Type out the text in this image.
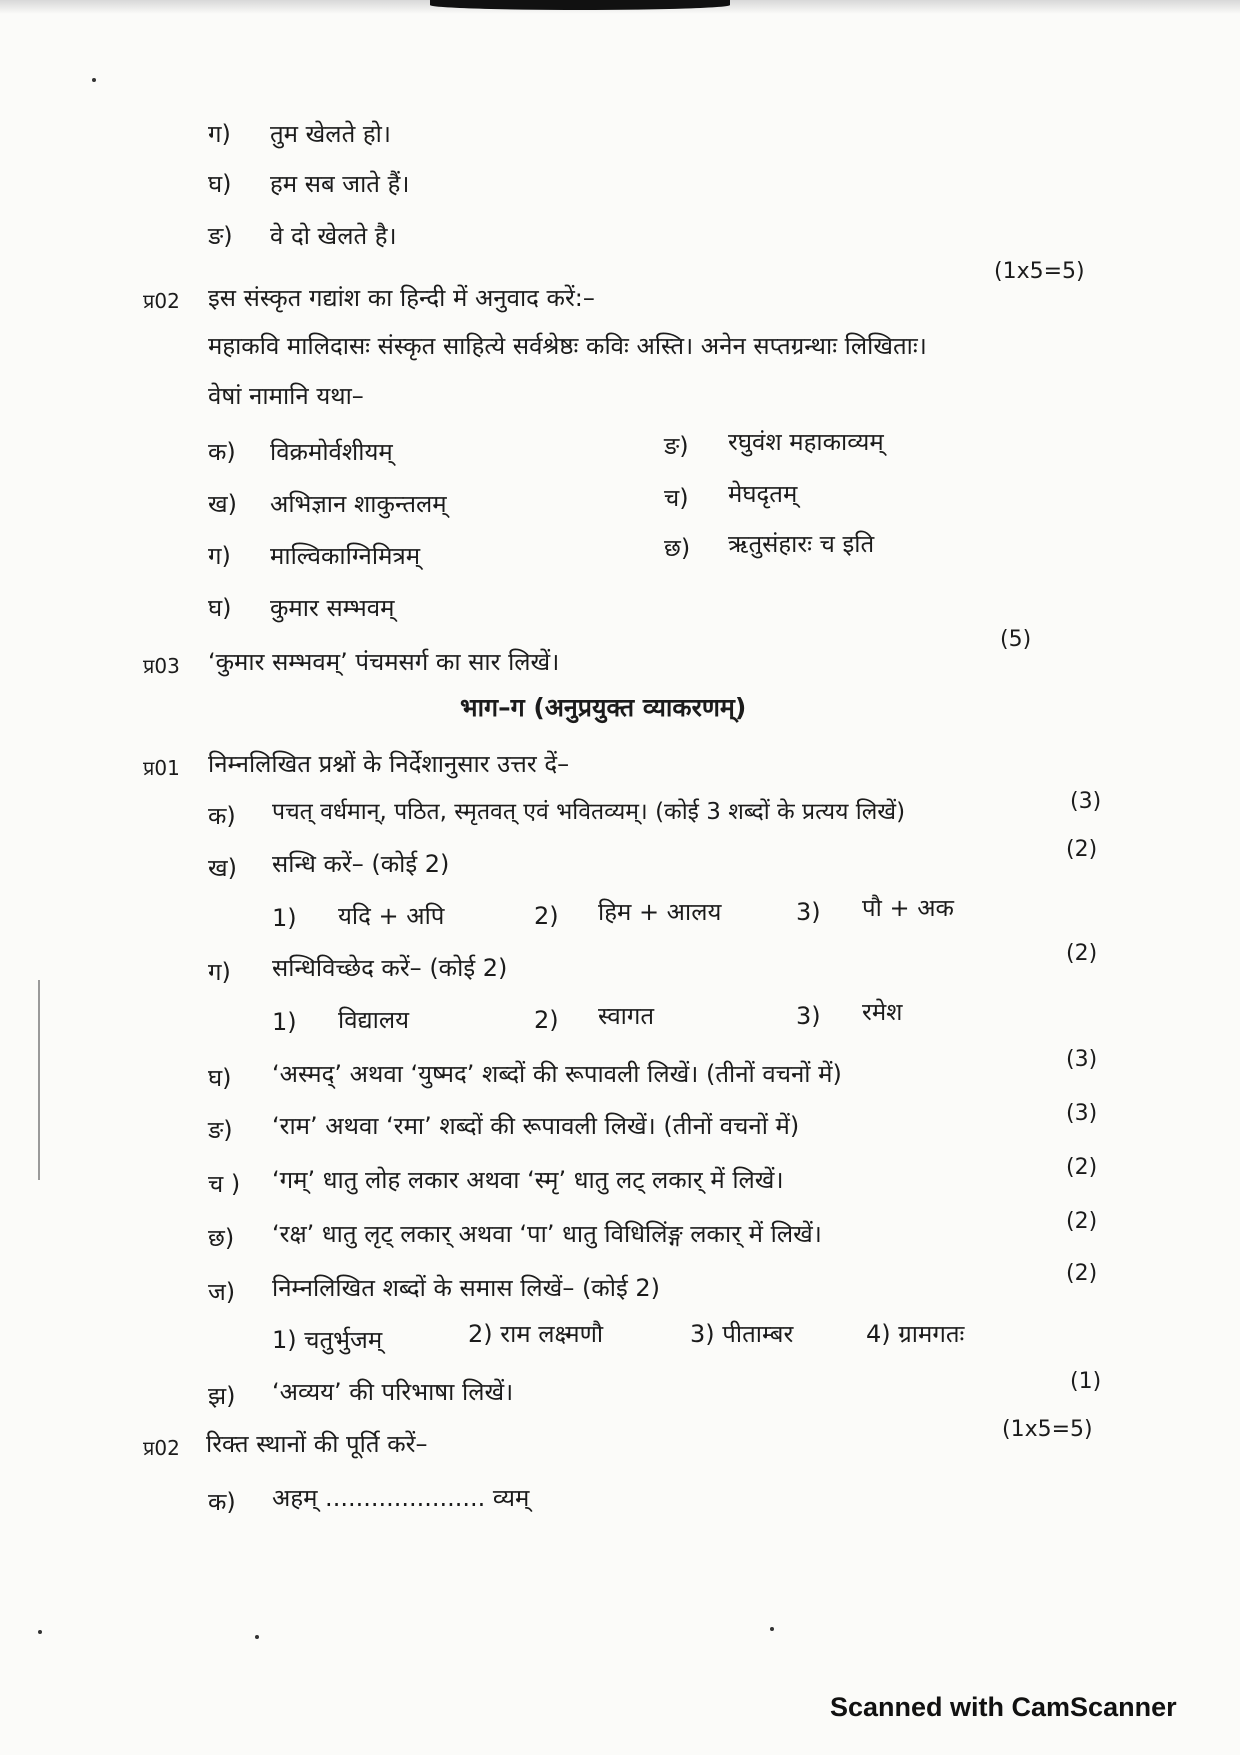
ग) तुम खेलते हो।
घ) हम सब जाते हैं।
ङ) वे दो खेलते है।
(1x5=5)
प्र02 इस संस्कृत गद्यांश का हिन्दी में अनुवाद करें:–
महाकवि मालिदासः संस्कृत साहित्ये सर्वश्रेष्ठः कविः अस्ति। अनेन सप्तग्रन्थाः लिखिताः।
वेषां नामानि यथा–
क) विक्रमोर्वशीयम्
ख) अभिज्ञान शाकुन्तलम्
ग) माल्विकाग्निमित्रम्
घ) कुमार सम्भवम्
ङ) रघुवंश महाकाव्यम्
च) मेघदृतम्
छ) ऋतुसंहारः च इति
(5)
प्र03 ‘कुमार सम्भवम्’ पंचमसर्ग का सार लिखें।
भाग–ग (अनुप्रयुक्त व्याकरणम्)
प्र01 निम्नलिखित प्रश्नों के निर्देशानुसार उत्तर दें–
क) पचत् वर्धमान्, पठित, स्मृतवत् एवं भवितव्यम्। (कोई 3 शब्दों के प्रत्यय लिखें)	(3)
ख) सन्धि करें– (कोई 2)
(2)
1) यदि + अपि	2) हिम + आलय	3) पौ + अक
ग) सन्धिविच्छेद करें– (कोई 2)
(2)
1) विद्यालय	2) स्वागत	3) रमेश
घ) ‘अस्मद्’ अथवा ‘युष्मद’ शब्दों की रूपावली लिखें। (तीनों वचनों में)
(3)
ङ) ‘राम’ अथवा ‘रमा’ शब्दों की रूपावली लिखें। (तीनों वचनों में)	(3)
च ) ‘गम्’ धातु लोह लकार अथवा ‘स्मृ’ धातु लट् लकार् में लिखें।	(2)
छ) ‘रक्ष’ धातु लृट् लकार् अथवा ‘पा’ धातु विधिलिंङ्ग लकार् में लिखें।	(2)
ज) निम्नलिखित शब्दों के समास लिखें– (कोई 2)
(2)
1) चतुर्भुजम्	2) राम लक्ष्मणौ	3) पीताम्बर	4) ग्रामगतः
झ) ‘अव्यय’ की परिभाषा लिखें।	(1)
प्र02 रिक्त स्थानों की पूर्ति करें–
(1x5=5)
क) अहम् ..................... व्यम्
Scanned with CamScanner
